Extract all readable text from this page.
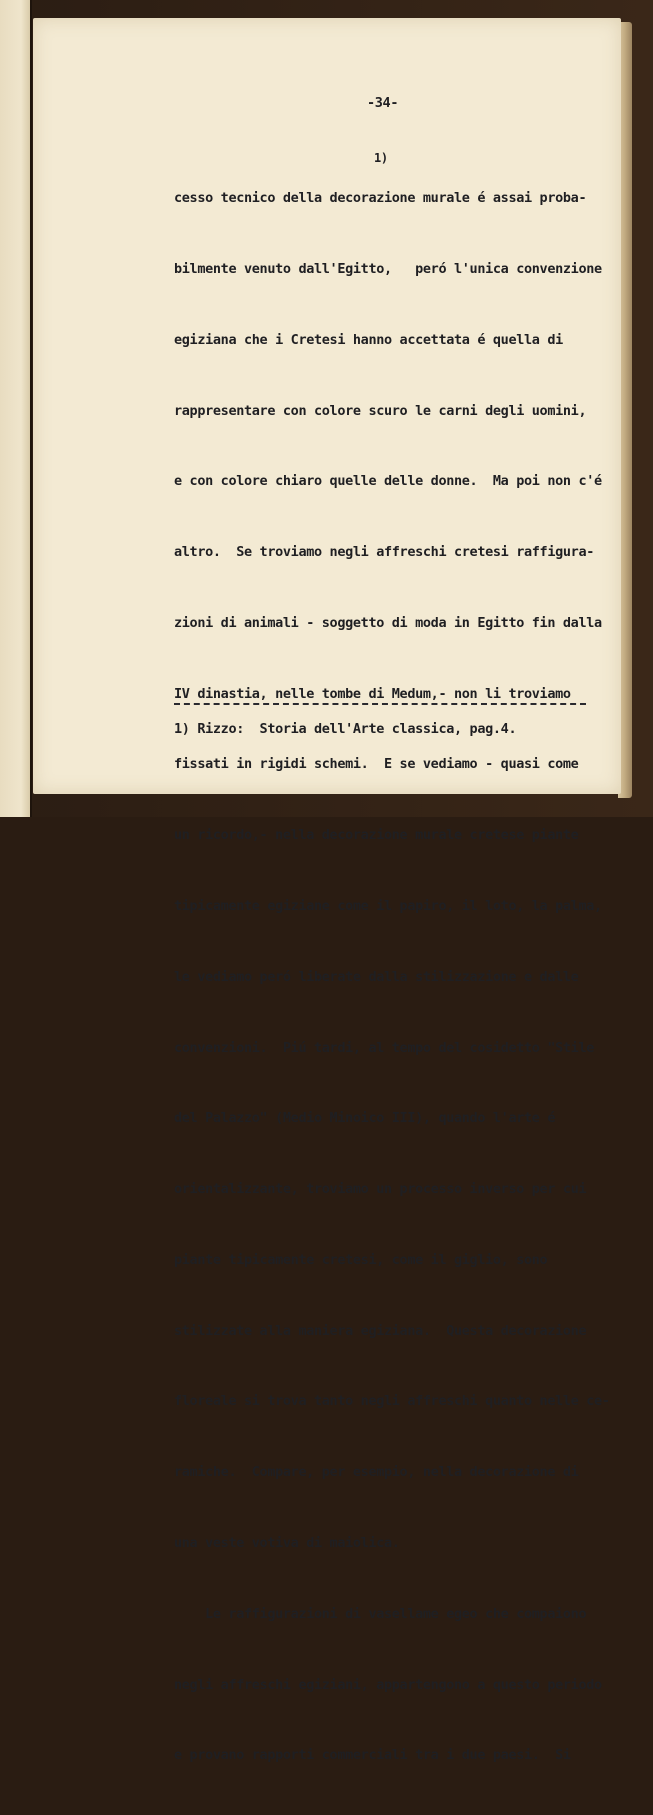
-34-
1)

cesso tecnico della decorazione murale é assai proba-

bilmente venuto dall'Egitto,   peró l'unica convenzione

egiziana che i Cretesi hanno accettata é quella di

rappresentare con colore scuro le carni degli uomini,

e con colore chiaro quelle delle donne.  Ma poi non c'é

altro.  Se troviamo negli affreschi cretesi raffigura-

zioni di animali - soggetto di moda in Egitto fin dalla

IV dinastia, nelle tombe di Medum,- non li troviamo

fissati in rigidi schemi.  E se vediamo - quasi come

un ricordo,- nella decorazione murale cretese piante

tipicamente egiziane come il papiro, il loto, la palma,

le vediamo peró liberate dalla stilizzazione e dalle

convenzioni.  Piú tardi, al tempo del cosidetto "Stile

del Palazzo" (Medio Minoico III), quando l'arte é

orientalizzante, troviamo un processo inverso per cui

piante tipicamente cretesi, come il giglio, sono

stilizzate alla maniera egiziana.  Questa decorazione

floreale si trova tanto negli affreschi quanto nelle ce-

ramiche.  Compare, per esempio, nella decorazione di

una veste votiva di maiolica.

Le raffigurazioni di vasellame egeo che compaiono

negli affreschi egiziani, appartengono a questo periodo

e provano rapporti commerciali tra i due paesi.  Si

1) Rizzo:  Storia dell'Arte classica, pag.4.
